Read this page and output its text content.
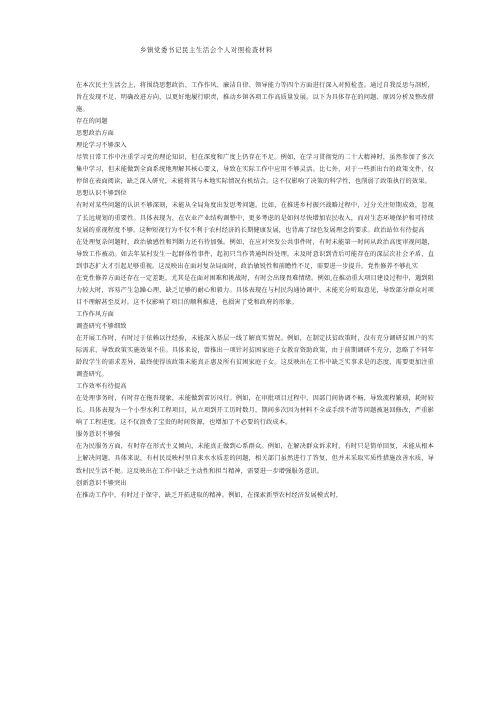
乡镇党委书记民主生活会个人对照检查材料

在本次民主生活会上，将围绕思想政治、工作作风、廉洁自律、领导能力等四个方面进行深入对照检查。通过自我反思与剖析，旨在发现不足、明确改进方向，以更好地履行职责，推动乡镇各项工作高质量发展。以下为具体存在的问题、原因分析及整改措施。

存在的问题
思想政治方面
理论学习不够深入

尽管日常工作中注重学习党的理论知识，但在深度和广度上仍存在不足。例如，在学习贯彻党的二十大精神时，虽然参加了多次集中学习，但未能做到全面系统地理解其核心要义，导致在实际工作中应用不够灵活。比七外，对于一些新出台的政策文件，仅停留在表面阅读，缺乏深入研究，未能将其与本地实际情况有机结合。这不仅影响了决策的科学性，也削弱了政策执行的效果。

思想认识不够到位

有时对某些问题的认识不够深刻，未能从全局角度出发思考问题。比如，在推进乡村振兴战略过程中，过分关注短期成效，忽视了长远规划的重要性。具体表现为，在农业产业结构调整中，更多考虑的是如何尽快增加农民收入，而对生态环境保护和可持续发展的重视程度不够。这种短视行为不仅不利于农村经济的长期健康发展，也背离了绿色发展理念的要求。政治站位有待提高

在处理复杂问题时，政治敏感性和判断力还有待加强。例如，在应对突发公共事件时，有时未能第一时间从政治高度审视问题，导致工作被动。如去年某村发生一起群体性事件，起初只当作普通纠纷处理，未及时意识到背后可能存在的深层次社会矛盾，直到事态扩大才引起足够重视。这反映出在面对复杂局面时，政治敏锐性和前瞻性不足，需要进一步提升。党性修养不够扎实

在党性修养方面还存在一定差距，尤其是在面对困难和挑战时，有时会出现畏难情绪。例如,在推动重大项目建设过程中，遇到阻力较大时，容易产生急躁心理，缺乏足够的耐心和毅力。具体表现在与村民沟通协调中，未能充分听取意见，导致部分群众对项目不理解甚至反对。这不仅影响了项目的顺利推进，也损害了党和政府的形象。

工作作风方面
调查研究不够细致

在开展工作时，有时过于依赖以往经验，未能深入基层一线了解真实情况。例如，在制定扶贫政策时，没有充分调研贫困户的实际需求，导致政策实施效果不佳。具体来说，曾推出一项针对贫困家庭子女教育资助政策，由于前期调研不充分，忽略了不同年龄段学生的需求差异，最终使得该政策未能真正惠及所有贫困家庭子女。这反映出在工作中缺乏实事求是的态度，需要更加注重调查研究。

工作效率有待提高

在处理事务时，有时存在拖沓现象，未能做到雷厉风行。例如，在审批项目过程中，因部门间协调不畅，导致流程繁琐，耗时较长。具体表现为一个小型水利工程项目，从立项到开工历时数月，期间多次因为材料不全或手续不清等问题被退回修改，严重影响了工程进度。这不仅浪费了宝贵的时间资源，也增加了不必要的行政成本。

服务意识不够强

在为民服务方面，有时存在形式主义倾向，未能真正做到心系群众。例如，在解决群众诉求时，有时只是简单回复，未能从根本上解决问题。具体来说，有村民反映村里自来水水质差的问题，相关部门虽然进行了答复，但并未采取实质性措施改善水质，导致村民生活不便。这反映出在工作中缺乏主动性和担当精神，需要进一步增强服务意识。

创新意识不够突出

在推动工作中，有时过于保守，缺乏开拓进取的精神。例如，在探索新型农村经济发展模式时，
